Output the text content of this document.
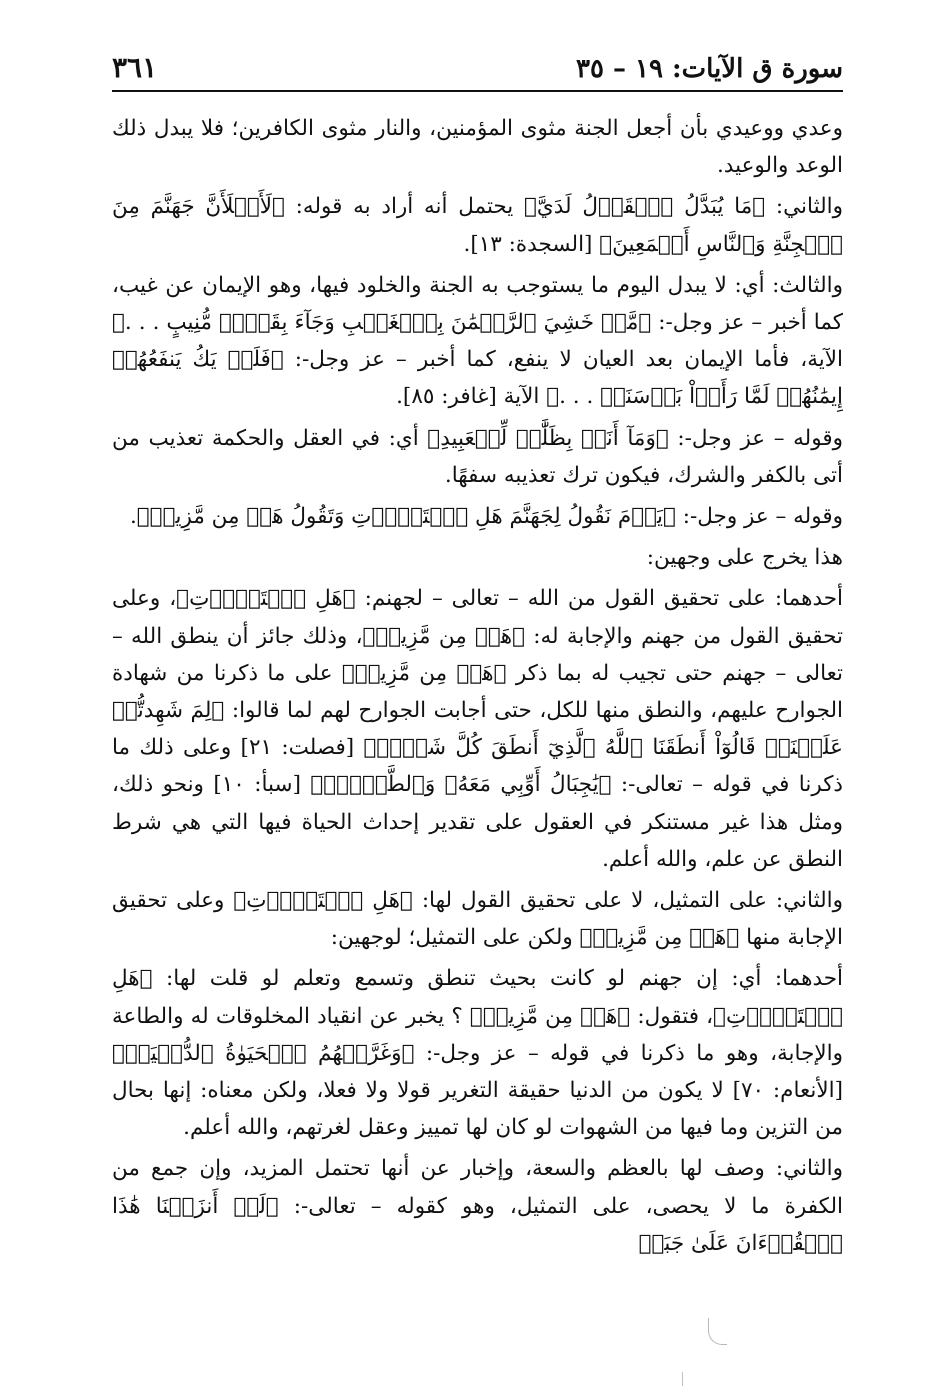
سورة ق الآيات: ١٩ – ٣٥
٣٦١

وعدي ووعيدي بأن أجعل الجنة مثوى المؤمنين، والنار مثوى الكافرين؛ فلا يبدل ذلك الوعد والوعيد.

والثاني: ﴿مَا يُبَدَّلُ ٱلۡقَوۡلُ لَدَيَّ﴾ يحتمل أنه أراد به قوله: ﴿لَأَمۡلَأَنَّ جَهَنَّمَ مِنَ ٱلۡجِنَّةِ وَٱلنَّاسِ أَجۡمَعِينَ﴾ [السجدة: ١٣].

والثالث: أي: لا يبدل اليوم ما يستوجب به الجنة والخلود فيها، وهو الإيمان عن غيب، كما أخبر – عز وجل-: ﴿مَّنۡ خَشِيَ ٱلرَّحۡمَٰنَ بِٱلۡغَيۡبِ وَجَآءَ بِقَلۡبٖ مُّنِيبٍ . . .﴾ الآية، فأما الإيمان بعد العيان لا ينفع، كما أخبر – عز وجل-: ﴿فَلَمۡ يَكُ يَنفَعُهُمۡ إِيمَٰنُهُمۡ لَمَّا رَأَوۡاْ بَأۡسَنَاۖ . . .﴾ الآية [غافر: ٨٥].

وقوله – عز وجل-: ﴿وَمَآ أَنَا۠ بِظَلَّٰمٖ لِّلۡعَبِيدِ﴾ أي: في العقل والحكمة تعذيب من أتى بالكفر والشرك، فيكون ترك تعذيبه سفهًا.

وقوله – عز وجل-: ﴿يَوۡمَ نَقُولُ لِجَهَنَّمَ هَلِ ٱمۡتَلَأۡتِ وَتَقُولُ هَلۡ مِن مَّزِيدٖ﴾.

هذا يخرج على وجهين:

أحدهما: على تحقيق القول من الله – تعالى – لجهنم: ﴿هَلِ ٱمۡتَلَأۡتِ﴾، وعلى تحقيق القول من جهنم والإجابة له: ﴿هَلۡ مِن مَّزِيدٖ﴾، وذلك جائز أن ينطق الله – تعالى – جهنم حتى تجيب له بما ذكر ﴿هَلۡ مِن مَّزِيدٖ﴾ على ما ذكرنا من شهادة الجوارح عليهم، والنطق منها للكل، حتى أجابت الجوارح لهم لما قالوا: ﴿لِمَ شَهِدتُّمۡ عَلَيۡنَاۖ قَالُوٓاْ أَنطَقَنَا ٱللَّهُ ٱلَّذِيٓ أَنطَقَ كُلَّ شَيۡءٖ﴾ [فصلت: ٢١] وعلى ذلك ما ذكرنا في قوله – تعالى-: ﴿يَٰجِبَالُ أَوِّبِي مَعَهُۥ وَٱلطَّيۡرَۖ﴾ [سبأ: ١٠] ونحو ذلك، ومثل هذا غير مستنكر في العقول على تقدير إحداث الحياة فيها التي هي شرط النطق عن علم، والله أعلم.

والثاني: على التمثيل، لا على تحقيق القول لها: ﴿هَلِ ٱمۡتَلَأۡتِ﴾ وعلى تحقيق الإجابة منها ﴿هَلۡ مِن مَّزِيدٖ﴾ ولكن على التمثيل؛ لوجهين:

أحدهما: أي: إن جهنم لو كانت بحيث تنطق وتسمع وتعلم لو قلت لها: ﴿هَلِ ٱمۡتَلَأۡتِ﴾، فتقول: ﴿هَلۡ مِن مَّزِيدٖ﴾ ؟ يخبر عن انقياد المخلوقات له والطاعة والإجابة، وهو ما ذكرنا في قوله – عز وجل-: ﴿وَغَرَّتۡهُمُ ٱلۡحَيَوٰةُ ٱلدُّنۡيَاۚ﴾ [الأنعام: ٧٠] لا يكون من الدنيا حقيقة التغرير قولا ولا فعلا، ولكن معناه: إنها بحال من التزين وما فيها من الشهوات لو كان لها تمييز وعقل لغرتهم، والله أعلم.

والثاني: وصف لها بالعظم والسعة، وإخبار عن أنها تحتمل المزيد، وإن جمع من الكفرة ما لا يحصى، على التمثيل، وهو كقوله – تعالى-: ﴿لَوۡ أَنزَلۡنَا هَٰذَا ٱلۡقُرۡءَانَ عَلَىٰ جَبَلٖ
